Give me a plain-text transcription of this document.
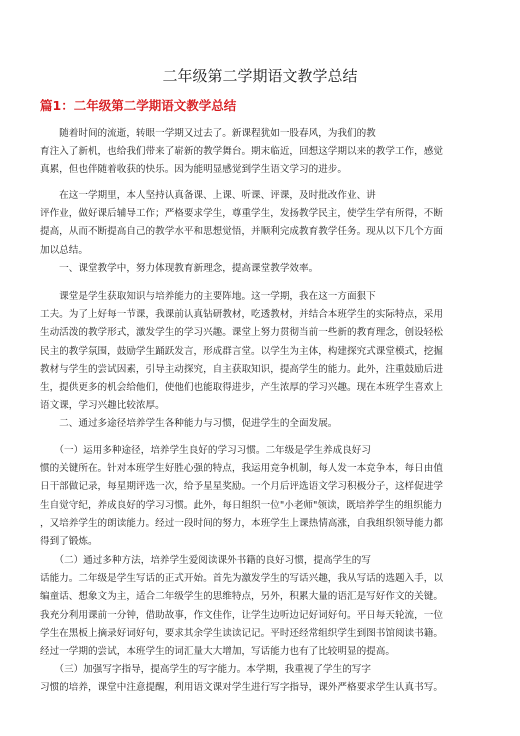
二年级第二学期语文教学总结
篇1：二年级第二学期语文教学总结
　　随着时间的流逝，转眼一学期又过去了。新课程犹如一股春风，为我们的教
育注入了新机，也给我们带来了崭新的教学舞台。期末临近，回想这学期以来的教学工作，感觉
真累，但也伴随着收获的快乐。因为能明显感觉到学生语文学习的进步。
　　在这一学期里，本人坚持认真备课、上课、听课、评课，及时批改作业、讲
评作业，做好课后辅导工作；严格要求学生，尊重学生，发扬教学民主，使学生学有所得，不断
提高，从而不断提高自己的教学水平和思想觉悟，并顺利完成教育教学任务。现从以下几个方面
加以总结。
　　一、课堂教学中，努力体现教育新理念，提高课堂教学效率。
　　课堂是学生获取知识与培养能力的主要阵地。这一学期，我在这一方面狠下
工夫。为了上好每一节课，我课前认真钻研教材，吃透教材，并结合本班学生的实际特点，采用
生动活泼的教学形式，激发学生的学习兴趣。课堂上努力贯彻当前一些新的教育理念，创设轻松
民主的教学氛围，鼓励学生踊跃发言，形成群言堂。以学生为主体，构建探究式课堂模式，挖掘
教材与学生的尝试因素，引导主动探究，自主获取知识，提高学生的能力。此外，注重鼓励后进
生，提供更多的机会给他们，使他们也能取得进步，产生浓厚的学习兴趣。现在本班学生喜欢上
语文课，学习兴趣比较浓厚。
　　二、通过多途径培养学生各种能力与习惯，促进学生的全面发展。
　　（一）运用多种途径，培养学生良好的学习习惯。二年级是学生养成良好习
惯的关键所在。针对本班学生好胜心强的特点，我运用竞争机制，每人发一本竞争本，每日由值
日干部做记录，每星期评选一次，给予星星奖励。一个月后评选语文学习积极分子，这样促进学
生自觉守纪，养成良好的学习习惯。此外，每日组织一位"小老师"领读，既培养学生的组织能力
，又培养学生的朗读能力。经过一段时间的努力，本班学生上课热情高涨，自我组织领导能力都
得到了锻炼。
　　（二）通过多种方法，培养学生爱阅读课外书籍的良好习惯，提高学生的写
话能力。二年级是学生写话的正式开始。首先为激发学生的写话兴趣，我从写话的选题入手，以
编童话、想象文为主，适合二年级学生的思维特点，另外，积累大量的语汇是写好作文的关键。
我充分利用课前一分钟，借助故事，作文佳作，让学生边听边记好词好句。平日每天轮流，一位
学生在黑板上摘录好词好句，要求其余学生读读记记。平时还经常组织学生到图书馆阅读书籍。
经过一学期的尝试，本班学生的词汇量大大增加，写话能力也有了比较明显的提高。
　　（三）加强写字指导，提高学生的写字能力。本学期，我重视了学生的写字
习惯的培养，课堂中注意提醒，利用语文课对学生进行写字指导，课外严格要求学生认真书写。
